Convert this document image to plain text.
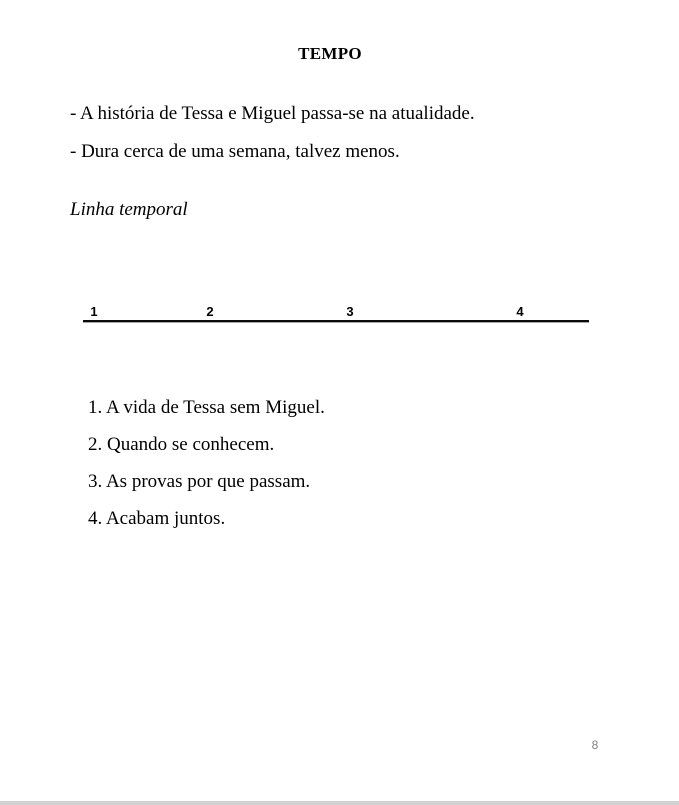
TEMPO
- A história de Tessa e Miguel passa-se na atualidade.
- Dura cerca de uma semana, talvez menos.
Linha temporal
1	2	3	4
1. A vida de Tessa sem Miguel.
2. Quando se conhecem.
3. As provas por que passam.
4. Acabam juntos.
8
